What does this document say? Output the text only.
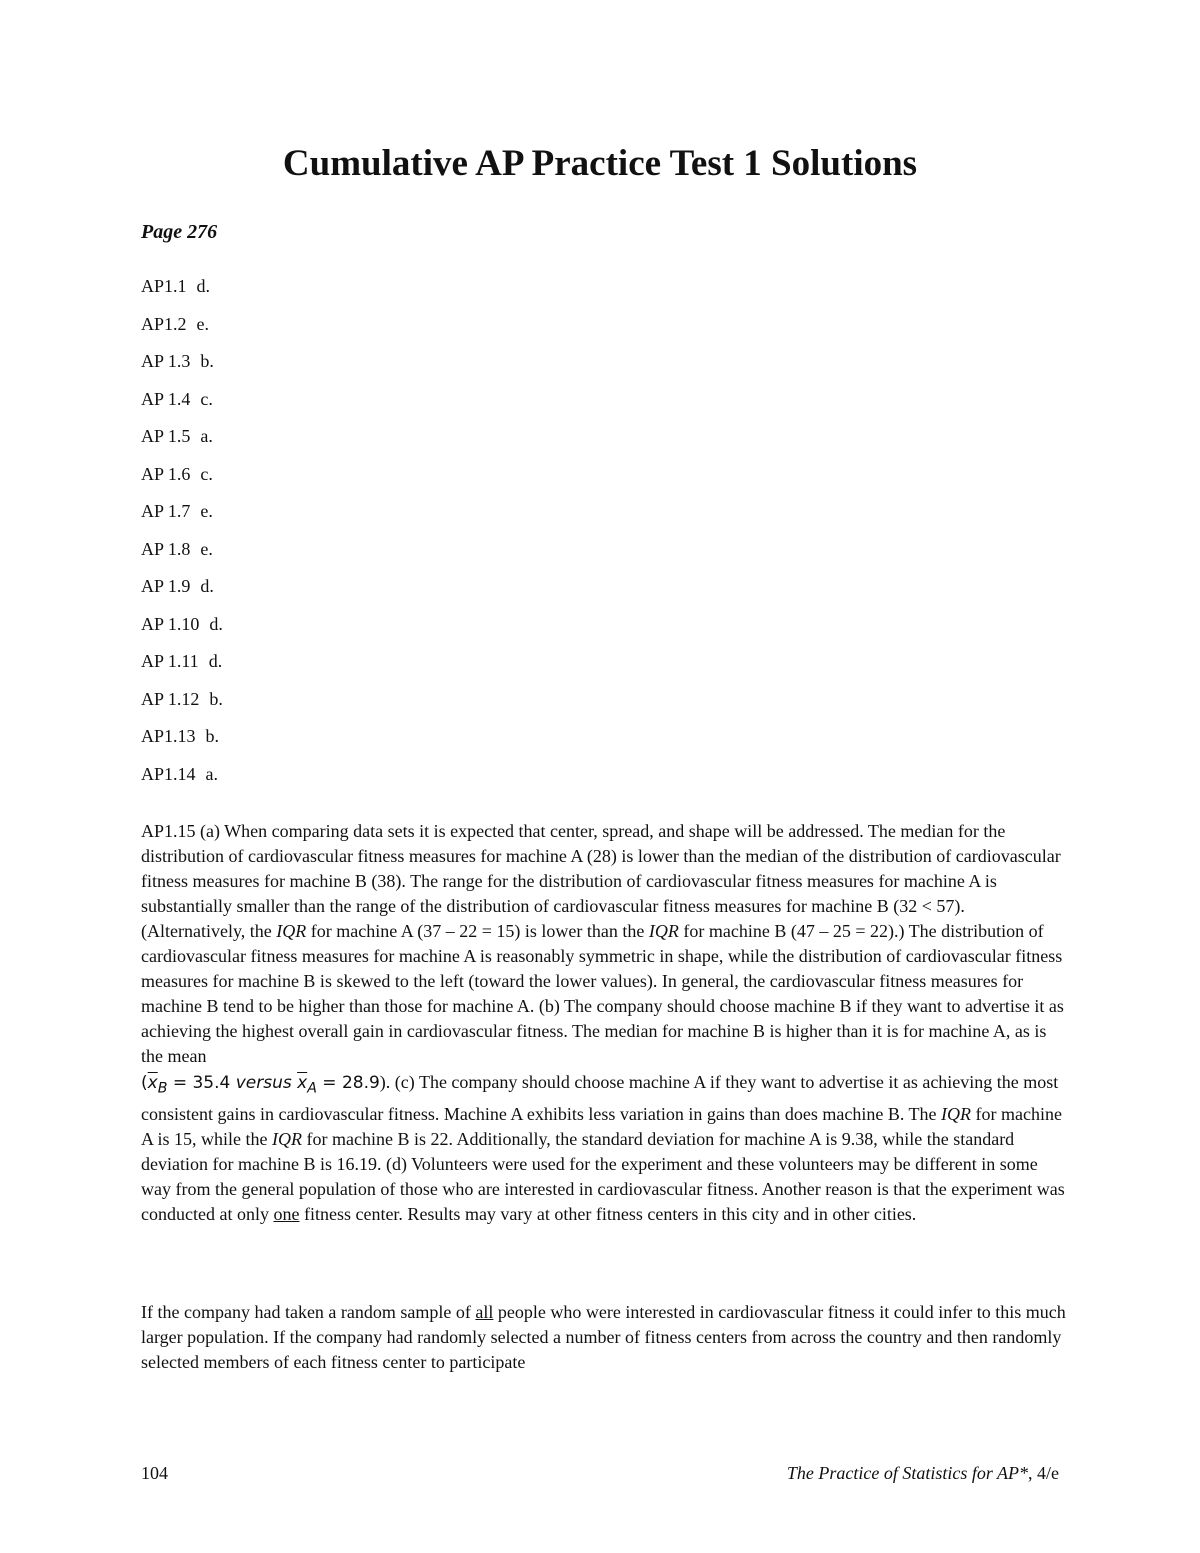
Cumulative AP Practice Test 1 Solutions

Page 276

AP1.1 d.
AP1.2 e.
AP 1.3 b.
AP 1.4 c.
AP 1.5 a.
AP 1.6 c.
AP 1.7 e.
AP 1.8 e.
AP 1.9 d.
AP 1.10 d.
AP 1.11 d.
AP 1.12 b.
AP1.13 b.
AP1.14 a.

AP1.15 (a) When comparing data sets it is expected that center, spread, and shape will be addressed. The median for the distribution of cardiovascular fitness measures for machine A (28) is lower than the median of the distribution of cardiovascular fitness measures for machine B (38). The range for the distribution of cardiovascular fitness measures for machine A is substantially smaller than the range of the distribution of cardiovascular fitness measures for machine B (32 < 57). (Alternatively, the IQR for machine A (37 – 22 = 15) is lower than the IQR for machine B (47 – 25 = 22).) The distribution of cardiovascular fitness measures for machine A is reasonably symmetric in shape, while the distribution of cardiovascular fitness measures for machine B is skewed to the left (toward the lower values). In general, the cardiovascular fitness measures for machine B tend to be higher than those for machine A. (b) The company should choose machine B if they want to advertise it as achieving the highest overall gain in cardiovascular fitness. The median for machine B is higher than it is for machine A, as is the mean
($\overline{x}_B = 35.4$ versus $\overline{x}_A = 28.9$). (c) The company should choose machine A if they want to advertise it as achieving the most consistent gains in cardiovascular fitness. Machine A exhibits less variation in gains than does machine B. The IQR for machine A is 15, while the IQR for machine B is 22. Additionally, the standard deviation for machine A is 9.38, while the standard deviation for machine B is 16.19. (d) Volunteers were used for the experiment and these volunteers may be different in some way from the general population of those who are interested in cardiovascular fitness. Another reason is that the experiment was conducted at only one fitness center. Results may vary at other fitness centers in this city and in other cities.

If the company had taken a random sample of all people who were interested in cardiovascular fitness it could infer to this much larger population. If the company had randomly selected a number of fitness centers from across the country and then randomly selected members of each fitness center to participate

104	The Practice of Statistics for AP*, 4/e
